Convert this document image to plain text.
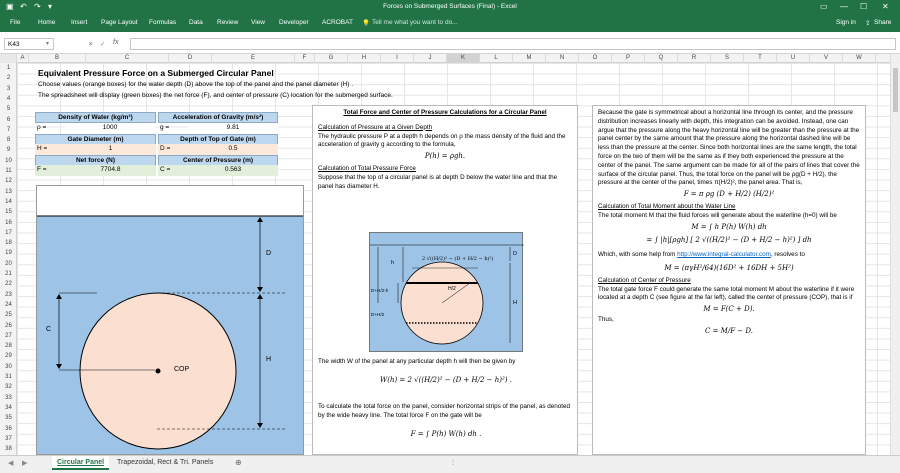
▣ ↶ ↷ ▾	Forces on Submerged Surfaces (Final) - Excel	▭ — ☐ ✕
File	Home Insert Page Layout Formulas Data Review View Developer ACROBAT 💡 Tell me what you want to do...	Sign in ⇪ Share
K43	▾	✕ ✓ fx
A	B	C	D	E	F	G	H	I	J	K	L	M	N	O	P	Q	R	S	T	U	V	W
1
2
3
4
5
6
7
8
9
10
11
12
13
14
15
16
17
18
19
20
21
22
23
24
25
26
27
28
29
30
31
32
33
34
35
36
37
38
Equivalent Pressure Force on a Submerged Circular Panel
Choose values (orange boxes) for the water depth (D) above the top of the panel and the panel diameter (H) .
The spreadsheet will display (green boxes) the net force (F), and center of pressure (C) location for the submerged surface.
Density of Water (kg/m³)	Acceleration of Gravity (m/s²)
ρ =	1000	g =	9.81
Gate Diameter (m)	Depth of Top of Gate (m)
H =	1	D =	0.5
Net force (N)	Center of Pressure (m)
F =	7704.8	C =	0.563
D
H
C
COP
Total Force and Center of Pressure Calculations for a Circular Panel
Calculation of Pressure at a Given Depth
The hydraulic pressure P at a depth h depends on ρ the mass density of the fluid and the acceleration of gravity g according to the formula,
P(h) = ρgh.
Calculation of Total Pressure Force
Suppose that the top of a circular panel is at depth D below the water line and that the panel has diameter H.
2 √((H/2)² − (D + H/2 − h)²)
h
D
H
H/2
D+H/2-h
D+H/2
The width W of the panel at any particular depth h will then be given by
W(h) = 2 √((H/2)² − (D + H/2 − h)²) .
To calculate the total force on the panel, consider horizontal strips of the panel, as denoted by the wide heavy line. The total force F on the gate will be
F = ∫ P(h) W(h) dh .
Because the gate is symmetrical about a horizontal line through its center, and the pressure distribution increases linearly with depth, this integration can be avoided. Instead, one can argue that the pressure along the heavy horizontal line will be greater than the pressure at the panel center by the same amount that the pressure along the horizontal dashed line will be less than the pressure at the center. Since both horizontal lines are the same length, the total force on the two of them will be the same as if they both experienced the pressure at the center of the panel. The same argument can be made for all of the pairs of lines that cover the surface of the circular panel. Thus, the total force on the panel will be ρg(D + H/2), the pressure at the center of the panel, times π(H/2)², the panel area. That is,
F = π ρg (D + H/2) (H/2)²
Calculation of Total Moment about the Water Line
The total moment M that the fluid forces will generate about the waterline (h=0) will be
M = ∫ h P(h) W(h) dh
= ∫ |h|[ρgh] [ 2 √((H/2)² − (D + H/2 − h)²) ] dh
Which, with some help from http://www.integral-calculator.com, resolves to
M = (πγH²/64)(16D² + 16DH + 5H²)
Calculation of Center of Pressure
The total gate force F could generate the same total moment M about the waterline if it were located at a depth C (see figure at the far left), called the center of pressure (COP), that is if
M = F(C + D).
Thus,
C = M/F − D.
◀ ▶	Circular Panel	Trapezoidal, Rect & Tri. Panels	⊕	⋮
